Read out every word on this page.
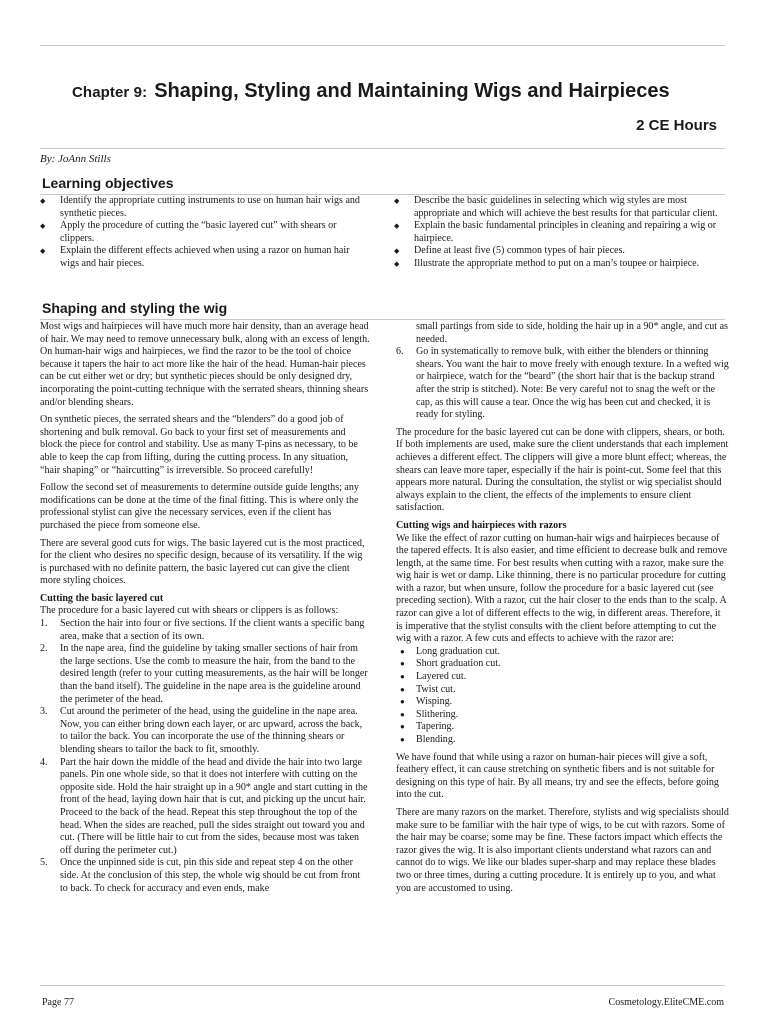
Chapter 9: Shaping, Styling and Maintaining Wigs and Hairpieces
2 CE Hours
By: JoAnn Stills
Learning objectives
◆ Identify the appropriate cutting instruments to use on human hair wigs and synthetic pieces.
◆ Apply the procedure of cutting the “basic layered cut” with shears or clippers.
◆ Explain the different effects achieved when using a razor on human hair wigs and hair pieces.
◆ Describe the basic guidelines in selecting which wig styles are most appropriate and which will achieve the best results for that particular client.
◆ Explain the basic fundamental principles in cleaning and repairing a wig or hairpiece.
◆ Define at least five (5) common types of hair pieces.
◆ Illustrate the appropriate method to put on a man’s toupee or hairpiece.
Shaping and styling the wig

Most wigs and hairpieces will have much more hair density, than an average head of hair. We may need to remove unnecessary bulk, along with an excess of length. On human-hair wigs and hairpieces, we find the razor to be the tool of choice because it tapers the hair to act more like the hair of the head. Human-hair pieces can be cut either wet or dry; but synthetic pieces should be only designed dry, incorporating the point-cutting technique with the serrated shears, thinning shears and/or blending shears.

On synthetic pieces, the serrated shears and the “blenders” do a good job of shortening and bulk removal. Go back to your first set of measurements and block the piece for control and stability. Use as many T-pins as necessary, to be able to keep the cap from lifting, during the cutting process. In any situation, “hair shaping” or “haircutting” is irreversible. So proceed carefully!

Follow the second set of measurements to determine outside guide lengths; any modifications can be done at the time of the final fitting. This is where only the professional stylist can give the necessary services, even if the client has purchased the piece from someone else.

There are several good cuts for wigs. The basic layered cut is the most practiced, for the client who desires no specific design, because of its versatility. If the wig is purchased with no definite pattern, the basic layered cut can give the client more styling choices.

Cutting the basic layered cut

The procedure for a basic layered cut with shears or clippers is as follows:

1. Section the hair into four or five sections. If the client wants a specific bang area, make that a section of its own.
2. In the nape area, find the guideline by taking smaller sections of hair from the large sections. Use the comb to measure the hair, from the band to the desired length (refer to your cutting measurements, as the hair will be longer than the band itself). The guideline in the nape area is the guideline around the perimeter of the head.
3. Cut around the perimeter of the head, using the guideline in the nape area. Now, you can either bring down each layer, or arc upward, across the back, to tailor the back. You can incorporate the use of the thinning shears or blending shears to tailor the back to fit, smoothly.
4. Part the hair down the middle of the head and divide the hair into two large panels. Pin one whole side, so that it does not interfere with cutting on the opposite side. Hold the hair straight up in a 90* angle and start cutting in the front of the head, laying down hair that is cut, and picking up the uncut hair. Proceed to the back of the head. Repeat this step throughout the top of the head. When the sides are reached, pull the sides straight out toward you and cut. (There will be little hair to cut from the sides, because most was taken off during the perimeter cut.)
5. Once the unpinned side is cut, pin this side and repeat step 4 on the other side. At the conclusion of this step, the whole wig should be cut from front to back. To check for accuracy and even ends, make
small partings from side to side, holding the hair up in a 90* angle, and cut as needed.
6. Go in systematically to remove bulk, with either the blenders or thinning shears. You want the hair to move freely with enough texture. In a wefted wig or hairpiece, watch for the “beard” (the short hair that is the backup strand after the strip is stitched). Note: Be very careful not to snag the weft or the cap, as this will cause a tear. Once the wig has been cut and checked, it is ready for styling.

The procedure for the basic layered cut can be done with clippers, shears, or both. If both implements are used, make sure the client understands that each implement achieves a different effect. The clippers will give a more blunt effect; whereas, the shears can leave more taper, especially if the hair is point-cut. Some feel that this appears more natural. During the consultation, the stylist or wig specialist should always explain to the client, the effects of the implements to ensure client satisfaction.

Cutting wigs and hairpieces with razors

We like the effect of razor cutting on human-hair wigs and hairpieces because of the tapered effects. It is also easier, and time efficient to decrease bulk and remove length, at the same time. For best results when cutting with a razor, make sure the wig hair is wet or damp. Like thinning, there is no particular procedure for cutting with a razor, but when unsure, follow the procedure for a basic layered cut (see preceding section). With a razor, cut the hair closer to the ends than to the scalp. A razor can give a lot of different effects to the wig, in different areas. Therefore, it is imperative that the stylist consults with the client before attempting to cut the wig with a razor. A few cuts and effects to achieve with the razor are:

● Long graduation cut.
● Short graduation cut.
● Layered cut.
● Twist cut.
● Wisping.
● Slithering.
● Tapering.
● Blending.

We have found that while using a razor on human-hair pieces will give a soft, feathery effect, it can cause stretching on synthetic fibers and is not suitable for designing on this type of hair. By all means, try and see the effects, before going into the cut.

There are many razors on the market. Therefore, stylists and wig specialists should make sure to be familiar with the hair type of wigs, to be cut with razors. Some of the hair may be coarse; some may be fine. These factors impact which effects the razor gives the wig. It is also important clients understand what razors can and cannot do to wigs. We like our blades super-sharp and may replace these blades two or three times, during a cutting procedure. It is entirely up to you, and what you are accustomed to using.

Page 77	Cosmetology.EliteCME.com
